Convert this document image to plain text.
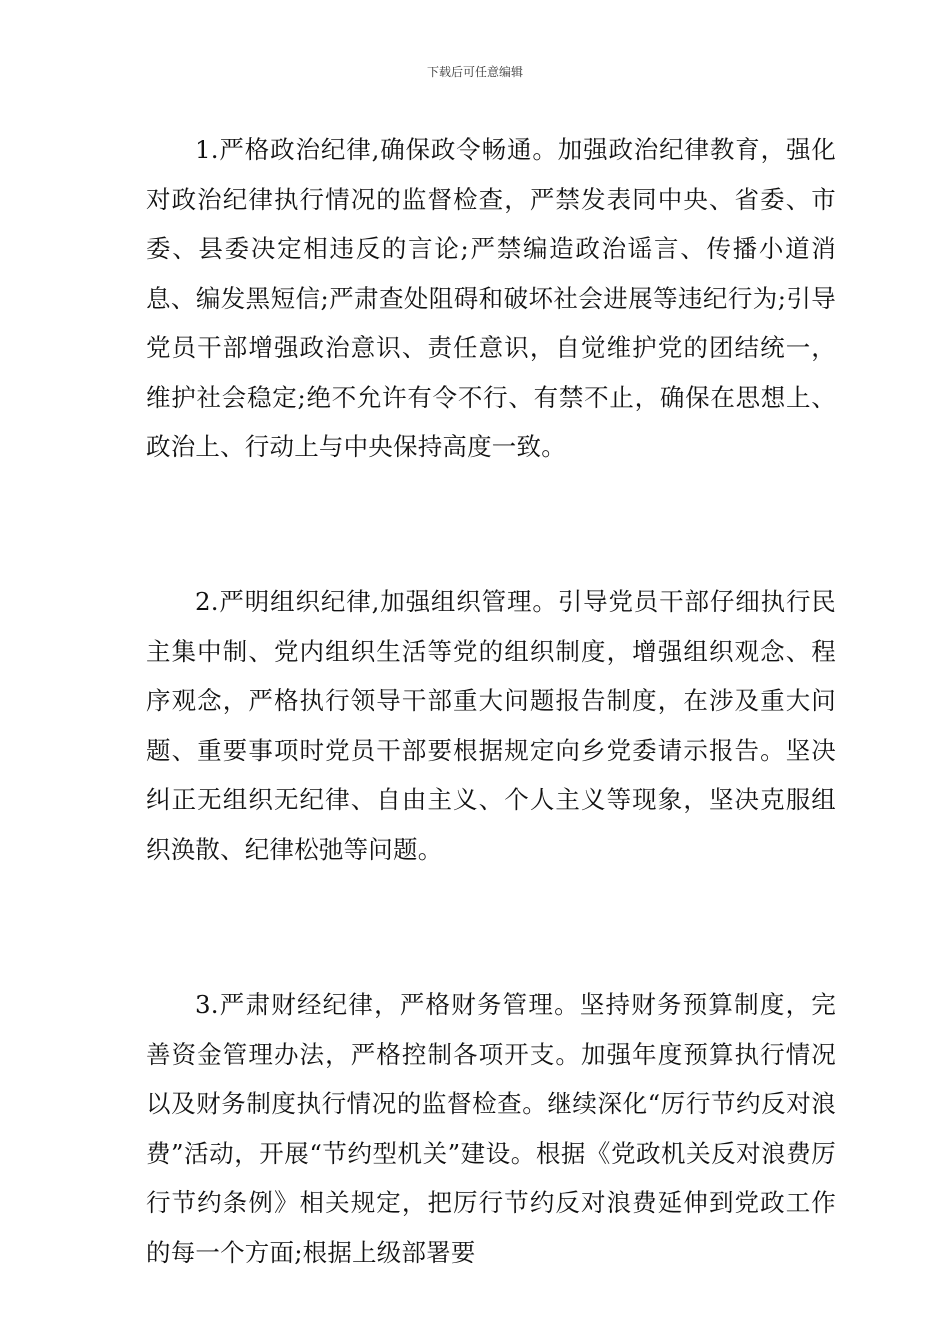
下载后可任意编辑

1.严格政治纪律,确保政令畅通。加强政治纪律教育，强化对政治纪律执行情况的监督检查，严禁发表同中央、省委、市委、县委决定相违反的言论;严禁编造政治谣言、传播小道消息、编发黑短信;严肃查处阻碍和破坏社会进展等违纪行为;引导党员干部增强政治意识、责任意识，自觉维护党的团结统一，维护社会稳定;绝不允许有令不行、有禁不止，确保在思想上、政治上、行动上与中央保持高度一致。

2.严明组织纪律,加强组织管理。引导党员干部仔细执行民主集中制、党内组织生活等党的组织制度，增强组织观念、程序观念，严格执行领导干部重大问题报告制度，在涉及重大问题、重要事项时党员干部要根据规定向乡党委请示报告。坚决纠正无组织无纪律、自由主义、个人主义等现象，坚决克服组织涣散、纪律松弛等问题。

3.严肃财经纪律，严格财务管理。坚持财务预算制度，完善资金管理办法，严格控制各项开支。加强年度预算执行情况以及财务制度执行情况的监督检查。继续深化“厉行节约反对浪费”活动，开展“节约型机关”建设。根据《党政机关反对浪费厉行节约条例》相关规定，把厉行节约反对浪费延伸到党政工作的每一个方面;根据上级部署要
